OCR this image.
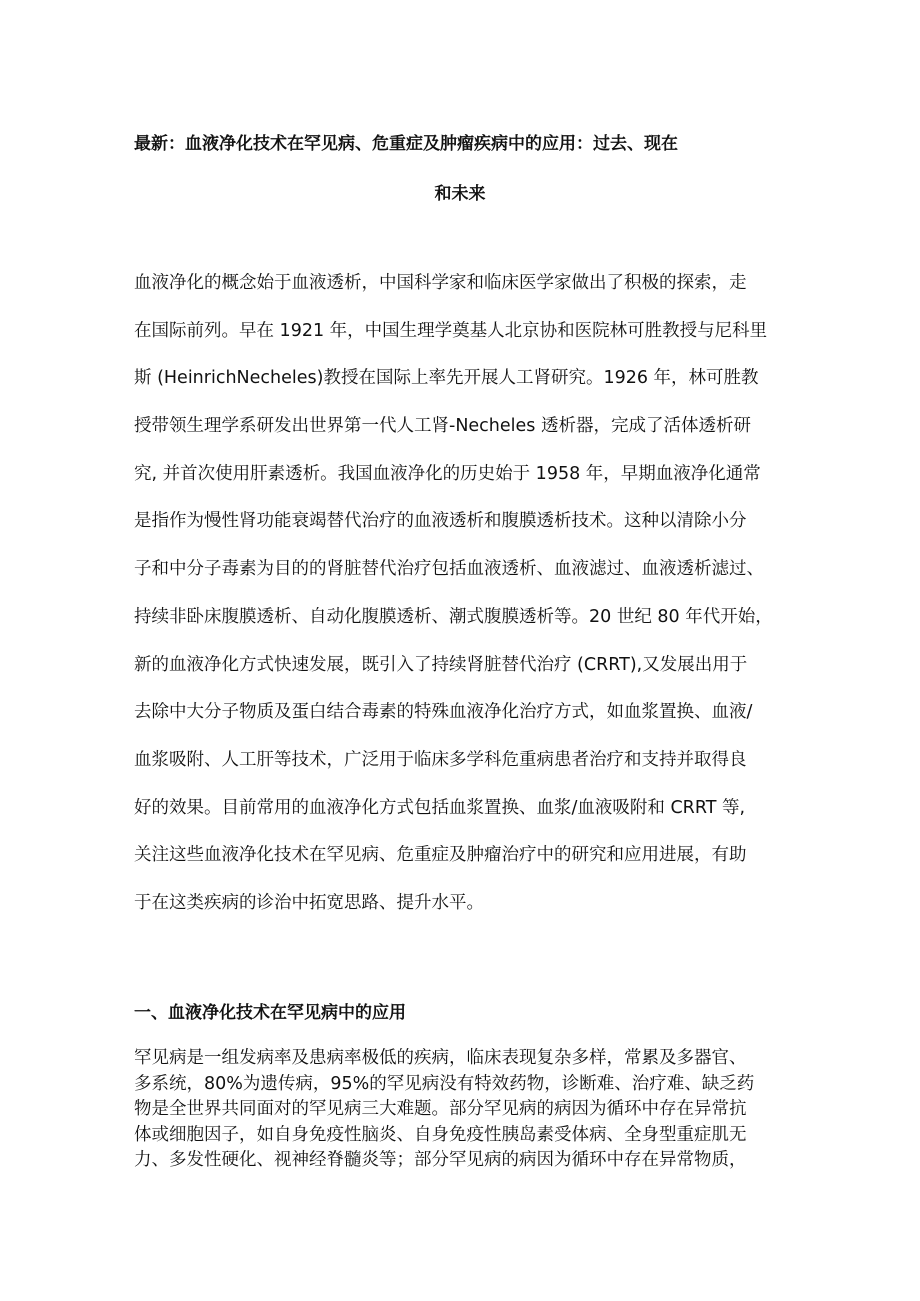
最新：血液净化技术在罕见病、危重症及肿瘤疾病中的应用：过去、现在
和未来
血液净化的概念始于血液透析，中国科学家和临床医学家做出了积极的探索，走
在国际前列。早在 1921 年，中国生理学奠基人北京协和医院林可胜教授与尼科里
斯 (HeinrichNecheles)教授在国际上率先开展人工肾研究。1926 年，林可胜教
授带领生理学系研发出世界第一代人工肾-Necheles 透析器，完成了活体透析研
究, 并首次使用肝素透析。我国血液净化的历史始于 1958 年，早期血液净化通常
是指作为慢性肾功能衰竭替代治疗的血液透析和腹膜透析技术。这种以清除小分
子和中分子毒素为目的的肾脏替代治疗包括血液透析、血液滤过、血液透析滤过、
持续非卧床腹膜透析、自动化腹膜透析、潮式腹膜透析等。20 世纪 80 年代开始，
新的血液净化方式快速发展，既引入了持续肾脏替代治疗 (CRRT),又发展出用于
去除中大分子物质及蛋白结合毒素的特殊血液净化治疗方式，如血浆置换、血液/
血浆吸附、人工肝等技术，广泛用于临床多学科危重病患者治疗和支持并取得良
好的效果。目前常用的血液净化方式包括血浆置换、血浆/血液吸附和 CRRT 等,
关注这些血液净化技术在罕见病、危重症及肿瘤治疗中的研究和应用进展，有助
于在这类疾病的诊治中拓宽思路、提升水平。
一、血液净化技术在罕见病中的应用
罕见病是一组发病率及患病率极低的疾病，临床表现复杂多样，常累及多器官、
多系统，80%为遗传病，95%的罕见病没有特效药物，诊断难、治疗难、缺乏药
物是全世界共同面对的罕见病三大难题。部分罕见病的病因为循环中存在异常抗
体或细胞因子，如自身免疫性脑炎、自身免疫性胰岛素受体病、全身型重症肌无
力、多发性硬化、视神经脊髓炎等；部分罕见病的病因为循环中存在异常物质，
